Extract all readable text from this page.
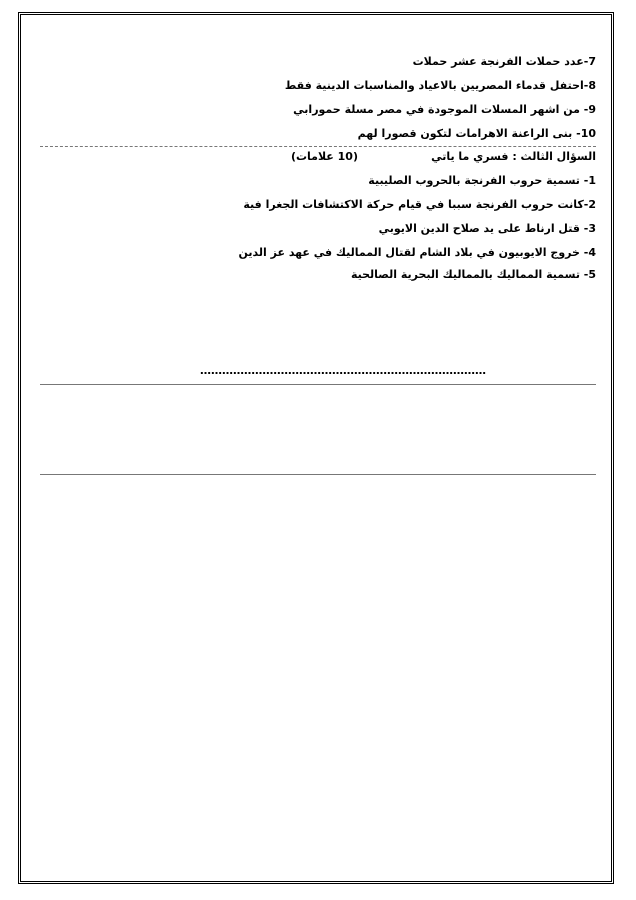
7-عدد حملات الفرنجة عشر حملات
8-احتفل قدماء المصريين بالاعياد والمناسبات الدينية فقط
9- من اشهر المسلات الموجودة في مصر مسلة حمورابي
10- بنى الراعنة الاهرامات لتكون قصورا لهم
السؤال الثالث : فسري ما ياتي
(10 علامات)
1- تسمية حروب الفرنجة بالحروب الصليبية
2-كانت حروب الفرنجة سببا في قيام حركة الاكتشافات الجغرا فية
3- قتل ارناط على يد صلاح الدين الايوبي
4- خروج الايوبيون في بلاد الشام لقتال المماليك في عهد عز الدين
5- تسمية المماليك بالمماليك البحرية الصالحية
……………………………………………………………………
